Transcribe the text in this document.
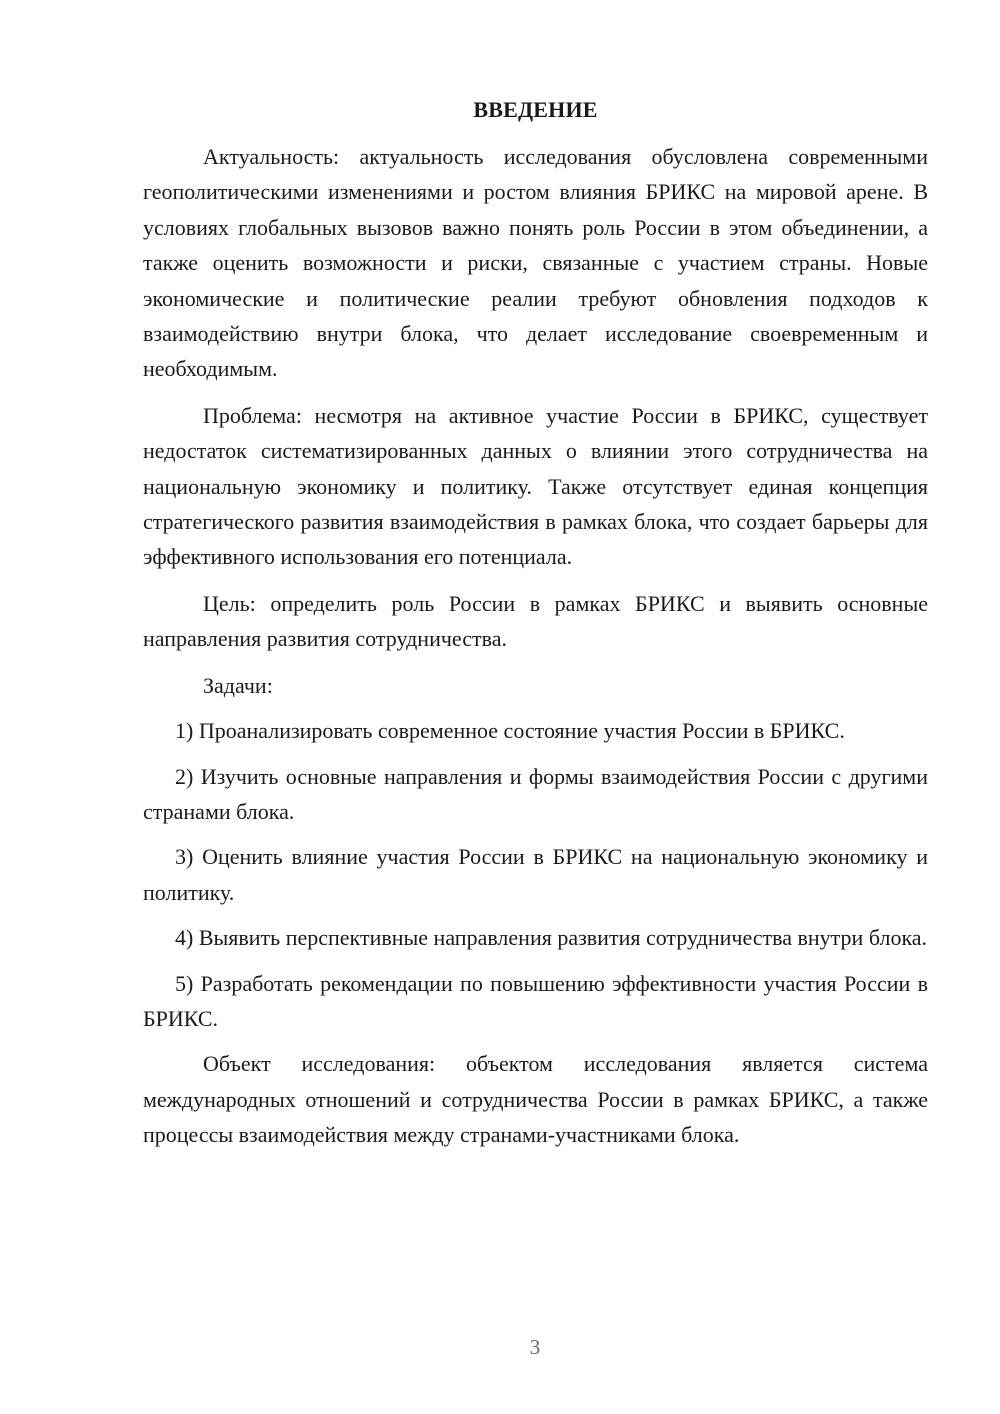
ВВЕДЕНИЕ

Актуальность: актуальность исследования обусловлена современными геополитическими изменениями и ростом влияния БРИКС на мировой арене. В условиях глобальных вызовов важно понять роль России в этом объединении, а также оценить возможности и риски, связанные с участием страны. Новые экономические и политические реалии требуют обновления подходов к взаимодействию внутри блока, что делает исследование своевременным и необходимым.

Проблема: несмотря на активное участие России в БРИКС, существует недостаток систематизированных данных о влиянии этого сотрудничества на национальную экономику и политику. Также отсутствует единая концепция стратегического развития взаимодействия в рамках блока, что создает барьеры для эффективного использования его потенциала.

Цель: определить роль России в рамках БРИКС и выявить основные направления развития сотрудничества.

Задачи:

1) Проанализировать современное состояние участия России в БРИКС.

2) Изучить основные направления и формы взаимодействия России с другими странами блока.

3) Оценить влияние участия России в БРИКС на национальную экономику и политику.

4) Выявить перспективные направления развития сотрудничества внутри блока.

5) Разработать рекомендации по повышению эффективности участия России в БРИКС.

Объект исследования: объектом исследования является система международных отношений и сотрудничества России в рамках БРИКС, а также процессы взаимодействия между странами-участниками блока.

3
